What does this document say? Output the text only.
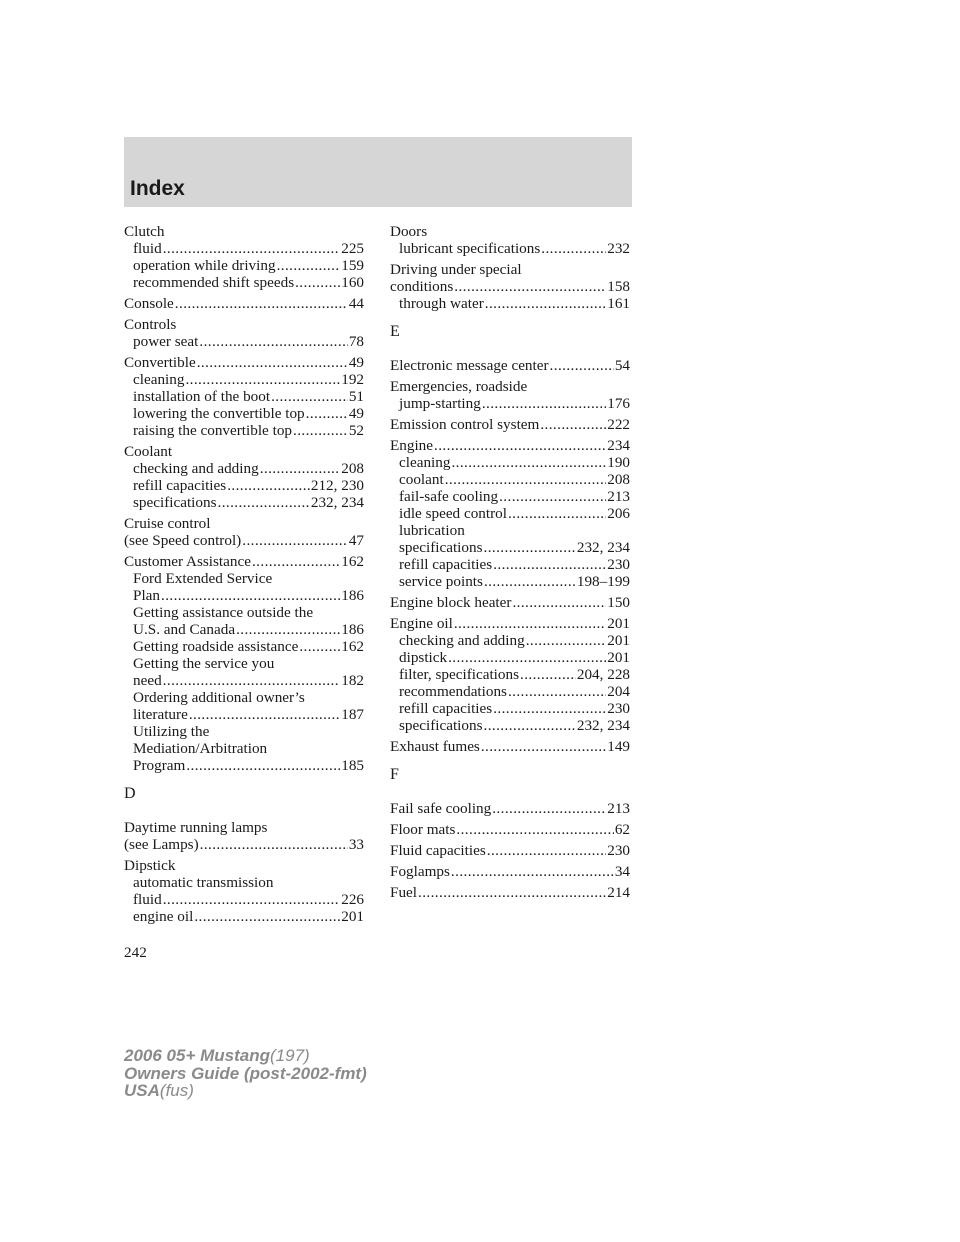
Index
Clutch
fluid .....	225
operation while driving .....	159
recommended shift speeds .....	160
Console .....	44
Controls
power seat .....	78
Convertible .....	49
cleaning .....	192
installation of the boot .....	51
lowering the convertible top .....	49
raising the convertible top .....	52
Coolant
checking and adding .....	208
refill capacities .....	212, 230
specifications .....	232, 234
Cruise control
(see Speed control) .....	47
Customer Assistance .....	162
Ford Extended Service
Plan .....	186
Getting assistance outside the
U.S. and Canada .....	186
Getting roadside assistance .....	162
Getting the service you
need .....	182
Ordering additional owner’s
literature .....	187
Utilizing the
Mediation/Arbitration
Program .....	185
D
Daytime running lamps
(see Lamps) .....	33
Dipstick
automatic transmission
fluid .....	226
engine oil .....	201
Doors
lubricant specifications .....	232
Driving under special
conditions .....	158
through water .....	161
E
Electronic message center .....	54
Emergencies, roadside
jump-starting .....	176
Emission control system .....	222
Engine .....	234
cleaning .....	190
coolant .....	208
fail-safe cooling .....	213
idle speed control .....	206
lubrication
specifications .....	232, 234
refill capacities .....	230
service points .....	198–199
Engine block heater .....	150
Engine oil .....	201
checking and adding .....	201
dipstick .....	201
filter, specifications .....	204, 228
recommendations .....	204
refill capacities .....	230
specifications .....	232, 234
Exhaust fumes .....	149
F
Fail safe cooling .....	213
Floor mats .....	62
Fluid capacities .....	230
Foglamps .....	34
Fuel .....	214
242
2006 05+ Mustang(197)
Owners Guide (post-2002-fmt)
USA(fus)
